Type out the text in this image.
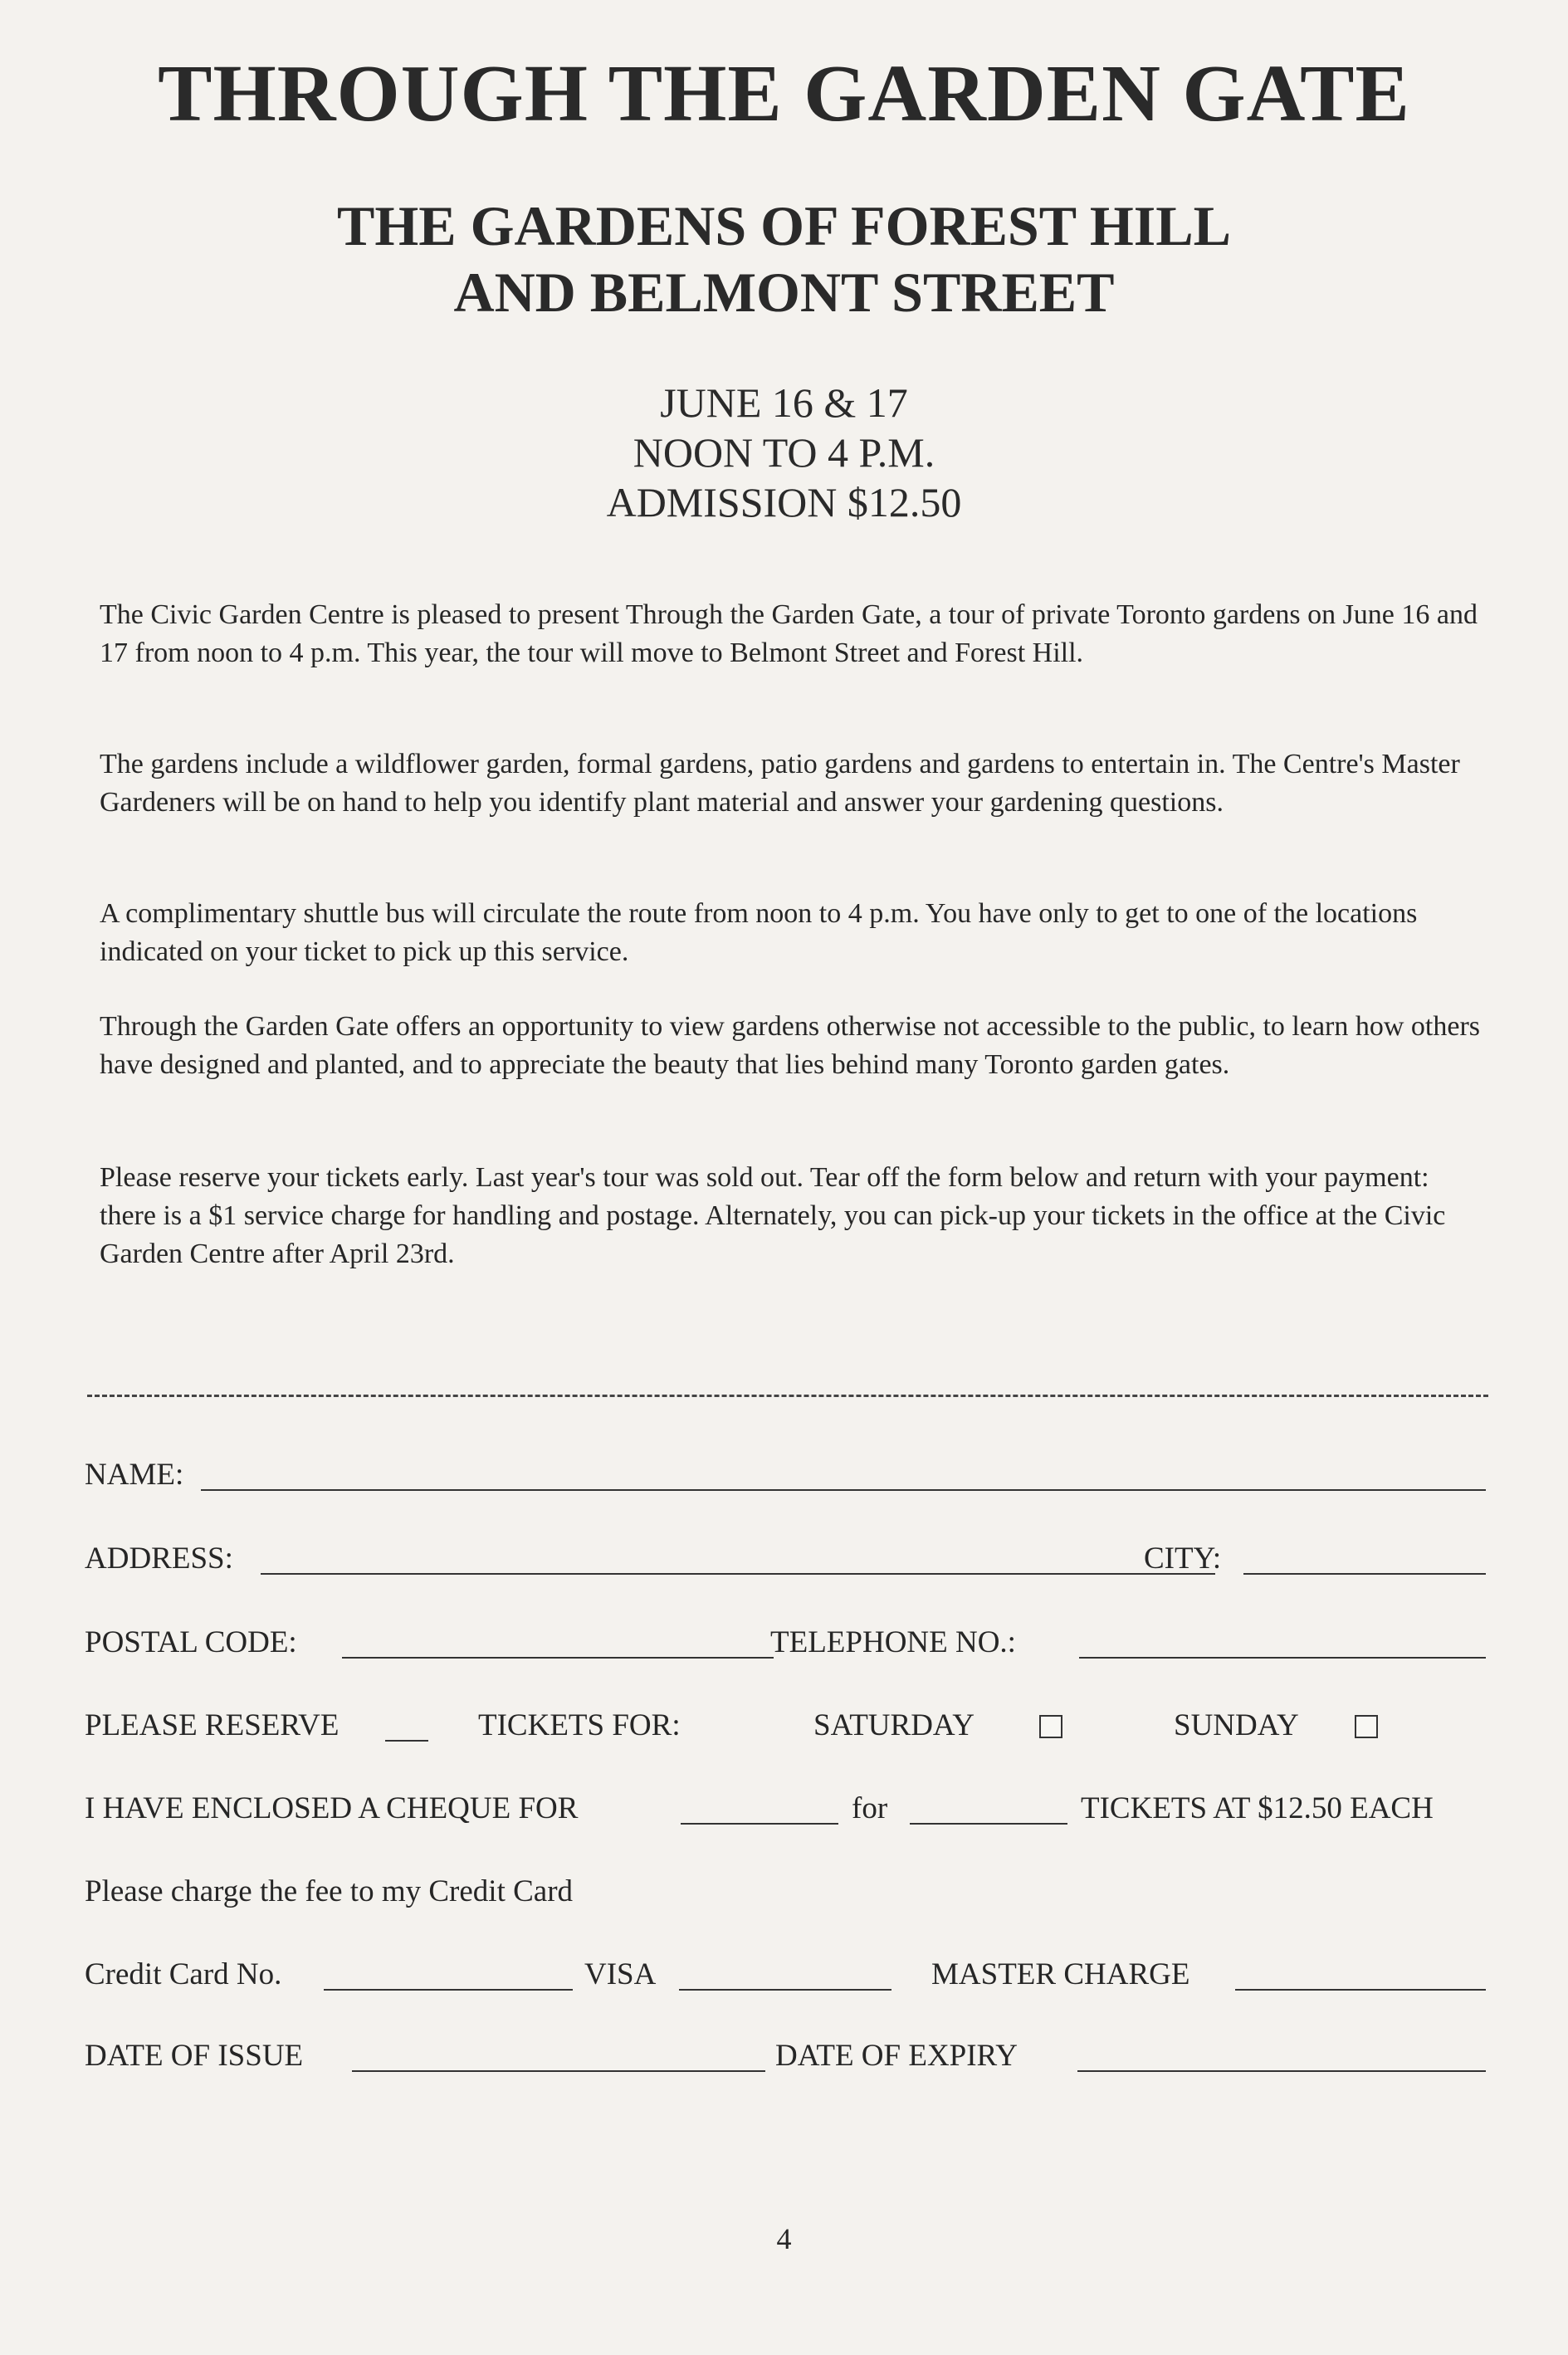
THROUGH THE GARDEN GATE
THE GARDENS OF FOREST HILL
AND BELMONT STREET
JUNE 16 & 17
NOON TO 4 P.M.
ADMISSION $12.50

The Civic Garden Centre is pleased to present Through the Garden Gate, a tour of private Toronto gardens on June 16 and 17 from noon to 4 p.m. This year, the tour will move to Belmont Street and Forest Hill.

The gardens include a wildflower garden, formal gardens, patio gardens and gardens to entertain in. The Centre's Master Gardeners will be on hand to help you identify plant material and answer your gardening questions.

A complimentary shuttle bus will circulate the route from noon to 4 p.m. You have only to get to one of the locations indicated on your ticket to pick up this service.

Through the Garden Gate offers an opportunity to view gardens otherwise not accessible to the public, to learn how others have designed and planted, and to appreciate the beauty that lies behind many Toronto garden gates.

Please reserve your tickets early. Last year's tour was sold out. Tear off the form below and return with your payment: there is a $1 service charge for handling and postage. Alternately, you can pick-up your tickets in the office at the Civic Garden Centre after April 23rd.

NAME:
ADDRESS:	CITY:
POSTAL CODE:	TELEPHONE NO.:
PLEASE RESERVE	TICKETS FOR:	SATURDAY	SUNDAY
I HAVE ENCLOSED A CHEQUE FOR	for	TICKETS AT $12.50 EACH
Please charge the fee to my Credit Card
Credit Card No.	VISA	MASTER CHARGE
DATE OF ISSUE	DATE OF EXPIRY
4
